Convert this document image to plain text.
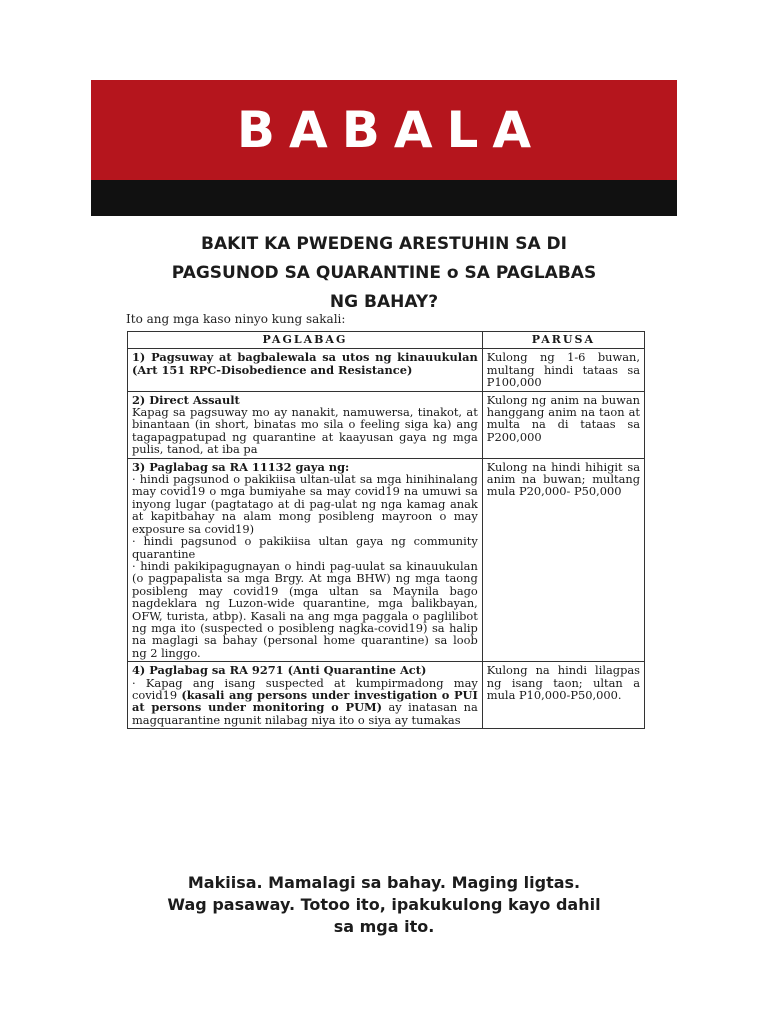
BABALA
BAKIT KA PWEDENG ARESTUHIN SA DI
PAGSUNOD SA QUARANTINE o SA PAGLABAS
NG BAHAY?
Ito ang mga kaso ninyo kung sakali:
PAGLABAG	PARUSA

1) Pagsuway at bagbalewala sa utos ng kinauukulan (Art 151 RPC-Disobedience and Resistance)	Kulong ng 1-6 buwan, multang hindi tataas sa P100,000

2) Direct Assault
Kapag sa pagsuway mo ay nanakit, namuwersa, tinakot, at binantaan (in short, binatas mo sila o feeling siga ka) ang tagapagpatupad ng quarantine at kaayusan gaya ng mga pulis, tanod, at iba pa	Kulong ng anim na buwan hanggang anim na taon at multa na di tataas sa P200,000

3) Paglabag sa RA 11132 gaya ng:
· hindi pagsunod o pakikiisa ultan-ulat sa mga hinihinalang may covid19 o mga bumiyahe sa may covid19 na umuwi sa inyong lugar (pagtatago at di pag-ulat ng nga kamag anak at kapitbahay na alam mong posibleng mayroon o may exposure sa covid19)
· hindi pagsunod o pakikiisa ultan gaya ng community quarantine
· hindi pakikipagugnayan o hindi pag-uulat sa kinauukulan (o pagpapalista sa mga Brgy. At mga BHW) ng mga taong posibleng may covid19 (mga ultan sa Maynila bago nagdeklara ng Luzon-wide quarantine, mga balikbayan, OFW, turista, atbp). Kasali na ang mga paggala o paglilibot ng mga ito (suspected o posibleng nagka-covid19) sa halip na maglagi sa bahay (personal home quarantine) sa loob ng 2 linggo.	Kulong na hindi hihigit sa anim na buwan; multang mula P20,000- P50,000

4) Paglabag sa RA 9271 (Anti Quarantine Act)
· Kapag ang isang suspected at kumpirmadong may covid19 (kasali ang persons under investigation o PUI at persons under monitoring o PUM) ay inatasan na magquarantine ngunit nilabag niya ito o siya ay tumakas	Kulong na hindi lilagpas ng isang taon; ultan a mula P10,000-P50,000.
Makiisa. Mamalagi sa bahay. Maging ligtas.
Wag pasaway. Totoo ito, ipakukulong kayo dahil
sa mga ito.
